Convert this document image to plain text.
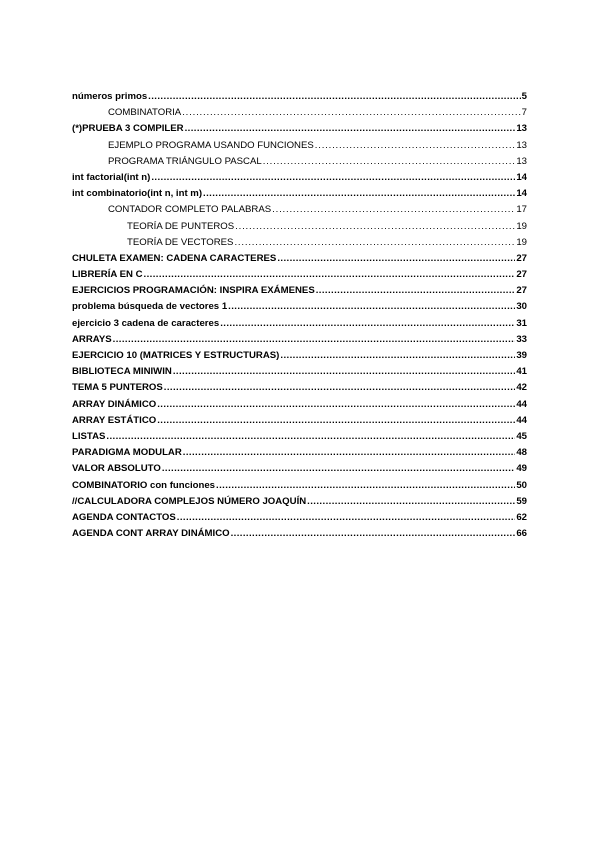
números primos .....	5
COMBINATORIA .....	7
(*)PRUEBA 3 COMPILER .....	13
EJEMPLO PROGRAMA USANDO FUNCIONES .....	13
PROGRAMA TRIÁNGULO PASCAL .....	13
int factorial(int n) .....	14
int combinatorio(int n, int m) .....	14
CONTADOR COMPLETO PALABRAS .....	17
TEORÍA DE PUNTEROS .....	19
TEORÍA DE VECTORES .....	19
CHULETA EXAMEN: CADENA CARACTERES .....	27
LIBRERÍA EN C .....	27
EJERCICIOS PROGRAMACIÓN: INSPIRA EXÁMENES .....	27
problema búsqueda de vectores 1 .....	30
ejercicio 3 cadena de caracteres .....	31
ARRAYS .....	33
EJERCICIO 10 (MATRICES Y ESTRUCTURAS) .....	39
BIBLIOTECA MINIWIN .....	41
TEMA 5 PUNTEROS .....	42
ARRAY DINÁMICO .....	44
ARRAY ESTÁTICO .....	44
LISTAS .....	45
PARADIGMA MODULAR .....	48
VALOR ABSOLUTO .....	49
COMBINATORIO con funciones .....	50
//CALCULADORA COMPLEJOS NÚMERO JOAQUÍN .....	59
AGENDA CONTACTOS .....	62
AGENDA CONT ARRAY DINÁMICO .....	66
